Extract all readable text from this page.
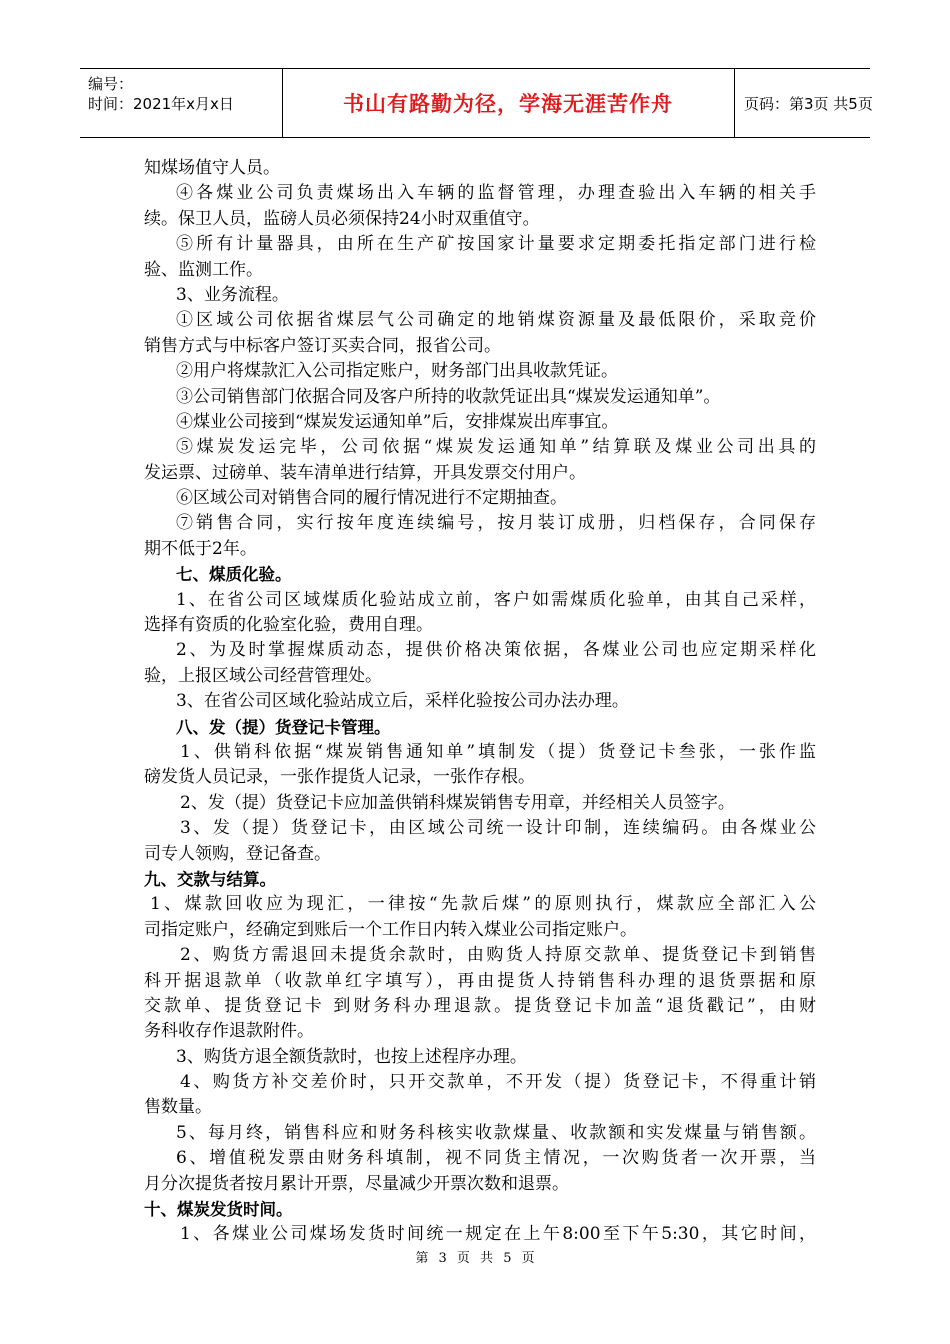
编号：
时间：2021年x月x日	书山有路勤为径，学海无涯苦作舟	页码：第3页 共5页
知煤场值守人员。
④各煤业公司负责煤场出入车辆的监督管理，办理查验出入车辆的相关手
续。保卫人员，监磅人员必须保持24小时双重值守。
⑤所有计量器具，由所在生产矿按国家计量要求定期委托指定部门进行检
验、监测工作。
3、业务流程。
①区域公司依据省煤层气公司确定的地销煤资源量及最低限价，采取竞价
销售方式与中标客户签订买卖合同，报省公司。
②用户将煤款汇入公司指定账户，财务部门出具收款凭证。
③公司销售部门依据合同及客户所持的收款凭证出具“煤炭发运通知单”。
④煤业公司接到“煤炭发运通知单”后，安排煤炭出库事宜。
⑤煤炭发运完毕，公司依据“煤炭发运通知单”结算联及煤业公司出具的
发运票、过磅单、装车清单进行结算，开具发票交付用户。
⑥区域公司对销售合同的履行情况进行不定期抽查。
⑦销售合同，实行按年度连续编号，按月装订成册，归档保存，合同保存
期不低于2年。
七、煤质化验。
1、在省公司区域煤质化验站成立前，客户如需煤质化验单，由其自己采样，
选择有资质的化验室化验，费用自理。
2、为及时掌握煤质动态，提供价格决策依据，各煤业公司也应定期采样化
验，上报区域公司经营管理处。
3、在省公司区域化验站成立后，采样化验按公司办法办理。
八、发（提）货登记卡管理。
1、供销科依据“煤炭销售通知单”填制发（提）货登记卡叁张，一张作监
磅发货人员记录，一张作提货人记录，一张作存根。
2、发（提）货登记卡应加盖供销科煤炭销售专用章，并经相关人员签字。
3、发（提）货登记卡，由区域公司统一设计印制，连续编码。由各煤业公
司专人领购，登记备查。
九、交款与结算。
1、煤款回收应为现汇，一律按“先款后煤”的原则执行，煤款应全部汇入公
司指定账户，经确定到账后一个工作日内转入煤业公司指定账户。
2、购货方需退回未提货余款时，由购货人持原交款单、提货登记卡到销售
科开据退款单（收款单红字填写），再由提货人持销售科办理的退货票据和原
交款单、提货登记卡 到财务科办理退款。提货登记卡加盖“退货戳记”，由财
务科收存作退款附件。
3、购货方退全额货款时，也按上述程序办理。
4、购货方补交差价时，只开交款单，不开发（提）货登记卡，不得重计销
售数量。
5、每月终，销售科应和财务科核实收款煤量、收款额和实发煤量与销售额。
6、增值税发票由财务科填制，视不同货主情况，一次购货者一次开票，当
月分次提货者按月累计开票，尽量减少开票次数和退票。
十、煤炭发货时间。
1、各煤业公司煤场发货时间统一规定在上午8:00至下午5:30，其它时间，
第 3 页 共 5 页
